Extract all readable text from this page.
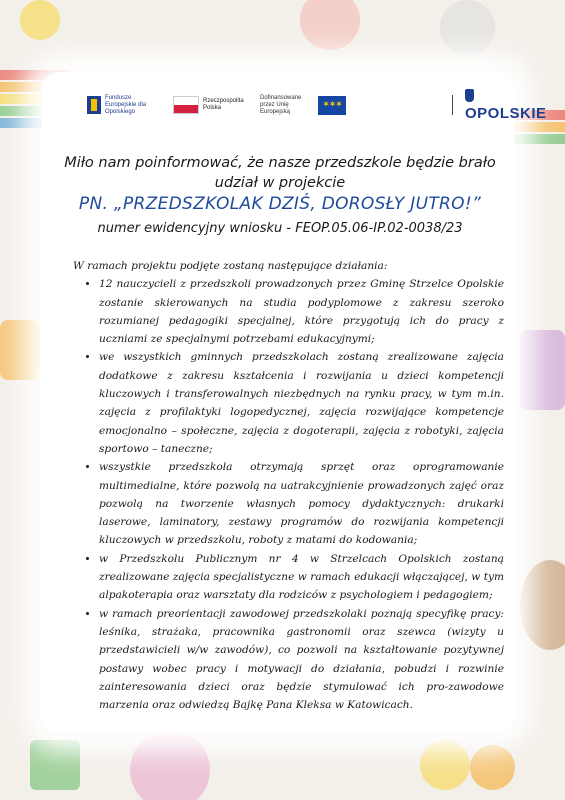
Fundusze Europejskie dla Opolskiego
Rzeczpospolita Polska
Dofinansowane przez Unię Europejską
✶✶✶	OPOLSKIE
Miło nam poinformować, że nasze przedszkole będzie brało udział w projekcie
PN. „PRZEDSZKOLAK DZIŚ, DOROSŁY JUTRO!”
numer ewidencyjny wniosku - FEOP.05.06-IP.02-0038/23

W ramach projektu podjęte zostaną następujące działania:

• 12 nauczycieli z przedszkoli prowadzonych przez Gminę Strzelce Opolskie zostanie skierowanych na studia podyplomowe z zakresu szeroko rozumianej pedagogiki specjalnej, które przygotują ich do pracy z uczniami ze specjalnymi potrzebami edukacyjnymi;
• we wszystkich gminnych przedszkolach zostaną zrealizowane zajęcia dodatkowe z zakresu kształcenia i rozwijania u dzieci kompetencji kluczowych i transferowalnych niezbędnych na rynku pracy, w tym m.in. zajęcia z profilaktyki logopedycznej, zajęcia rozwijające kompetencje emocjonalno – społeczne, zajęcia z dogoterapii, zajęcia z robotyki, zajęcia sportowo – taneczne;
• wszystkie przedszkola otrzymają sprzęt oraz oprogramowanie multimedialne, które pozwolą na uatrakcyjnienie prowadzonych zajęć oraz pozwolą na tworzenie własnych pomocy dydaktycznych: drukarki laserowe, laminatory, zestawy programów do rozwijania kompetencji kluczowych w przedszkolu, roboty z matami do kodowania;
• w Przedszkolu Publicznym nr 4 w Strzelcach Opolskich zostaną zrealizowane zajęcia specjalistyczne w ramach edukacji włączającej, w tym alpakoterapia oraz warsztaty dla rodziców z psychologiem i pedagogiem;
• w ramach preorientacji zawodowej przedszkolaki poznają specyfikę pracy: leśnika, strażaka, pracownika gastronomii oraz szewca (wizyty u przedstawicieli w/w zawodów), co pozwoli na kształtowanie pozytywnej postawy wobec pracy i motywacji do działania, pobudzi i rozwinie zainteresowania dzieci oraz będzie stymulować ich pro-zawodowe marzenia oraz odwiedzą Bajkę Pana Kleksa w Katowicach.
